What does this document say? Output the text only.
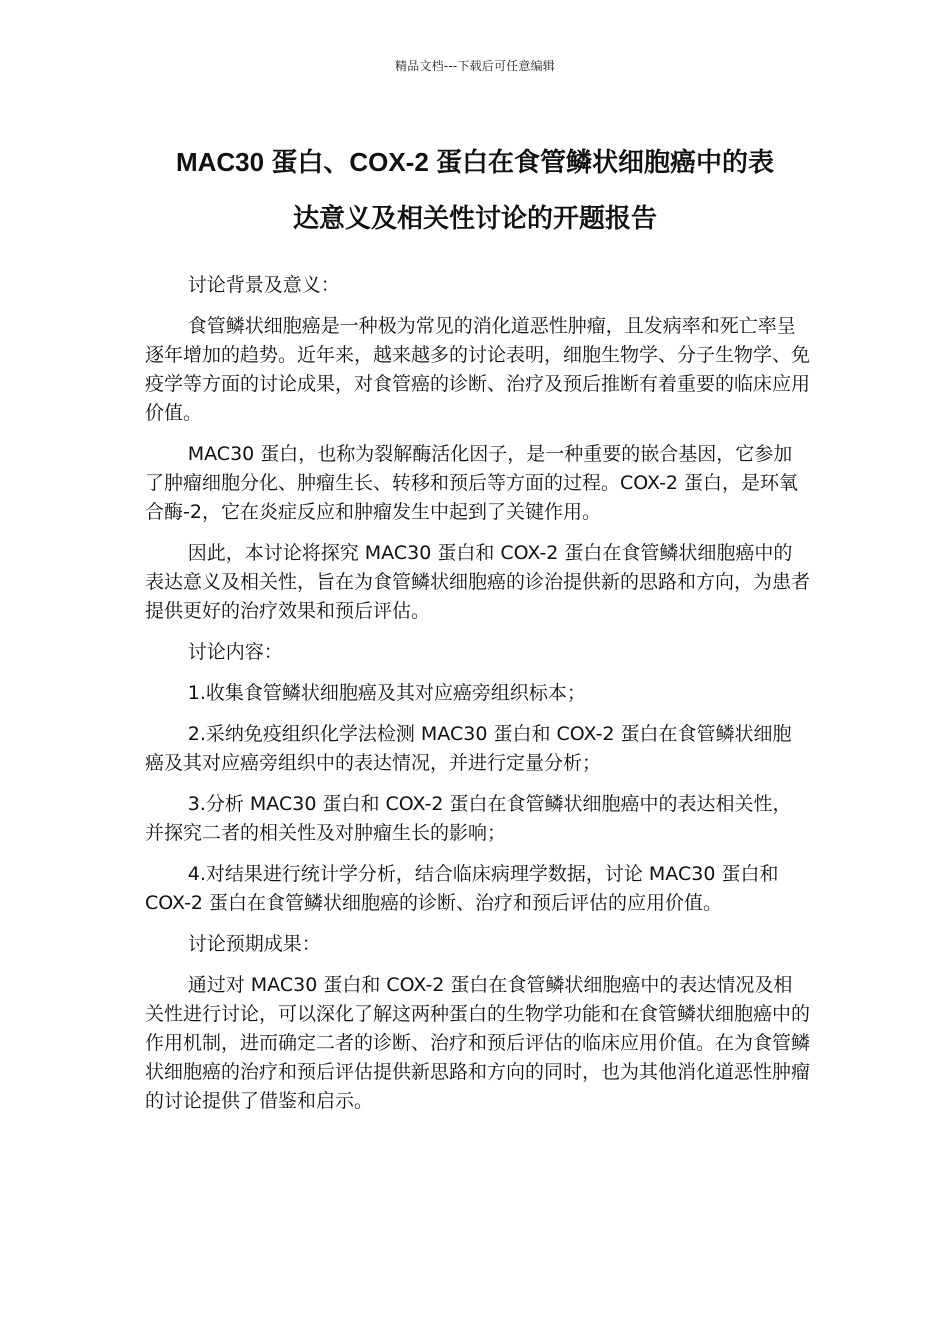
精品文档---下载后可任意编辑
MAC30 蛋白、COX-2 蛋白在食管鳞状细胞癌中的表
达意义及相关性讨论的开题报告

讨论背景及意义：

食管鳞状细胞癌是一种极为常见的消化道恶性肿瘤，且发病率和死亡率呈逐年增加的趋势。近年来，越来越多的讨论表明，细胞生物学、分子生物学、免疫学等方面的讨论成果，对食管癌的诊断、治疗及预后推断有着重要的临床应用价值。

MAC30 蛋白，也称为裂解酶活化因子，是一种重要的嵌合基因，它参加了肿瘤细胞分化、肿瘤生长、转移和预后等方面的过程。COX-2 蛋白，是环氧合酶-2，它在炎症反应和肿瘤发生中起到了关键作用。

因此，本讨论将探究 MAC30 蛋白和 COX-2 蛋白在食管鳞状细胞癌中的表达意义及相关性，旨在为食管鳞状细胞癌的诊治提供新的思路和方向，为患者提供更好的治疗效果和预后评估。

讨论内容：

1.收集食管鳞状细胞癌及其对应癌旁组织标本；

2.采纳免疫组织化学法检测 MAC30 蛋白和 COX-2 蛋白在食管鳞状细胞癌及其对应癌旁组织中的表达情况，并进行定量分析；

3.分析 MAC30 蛋白和 COX-2 蛋白在食管鳞状细胞癌中的表达相关性，并探究二者的相关性及对肿瘤生长的影响；

4.对结果进行统计学分析，结合临床病理学数据，讨论 MAC30 蛋白和 COX-2 蛋白在食管鳞状细胞癌的诊断、治疗和预后评估的应用价值。

讨论预期成果：

通过对 MAC30 蛋白和 COX-2 蛋白在食管鳞状细胞癌中的表达情况及相关性进行讨论，可以深化了解这两种蛋白的生物学功能和在食管鳞状细胞癌中的作用机制，进而确定二者的诊断、治疗和预后评估的临床应用价值。在为食管鳞状细胞癌的治疗和预后评估提供新思路和方向的同时，也为其他消化道恶性肿瘤的讨论提供了借鉴和启示。
